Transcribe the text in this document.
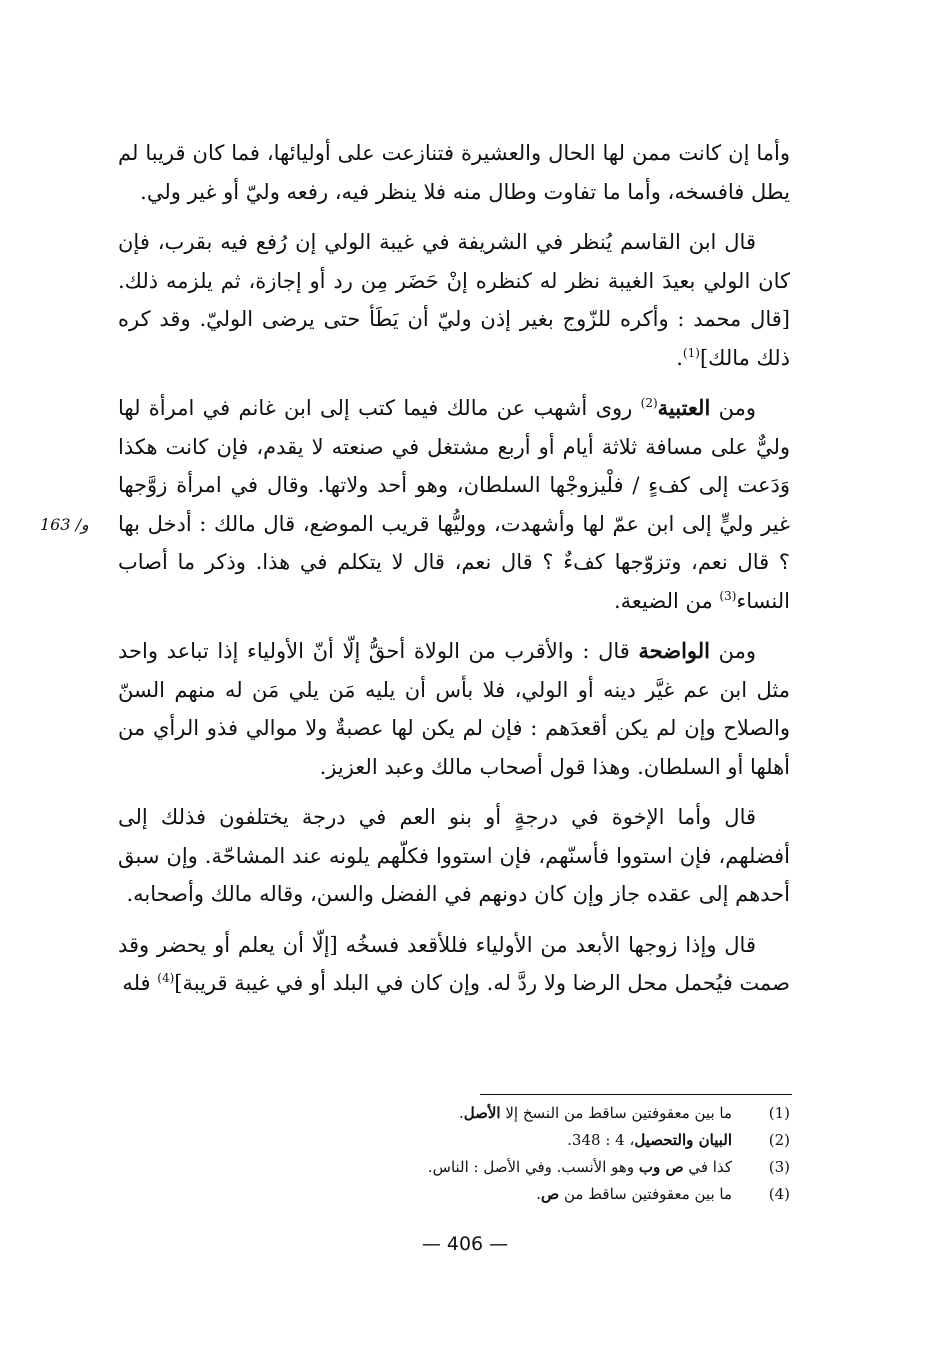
163 /و

وأما إن كانت ممن لها الحال والعشيرة فتنازعت على أوليائها، فما كان قريبا لم يطل فافسخه، وأما ما تفاوت وطال منه فلا ينظر فيه، رفعه وليّ أو غير ولي.

قال ابن القاسم يُنظر في الشريفة في غيبة الولي إن رُفع فيه بقرب، فإن كان الولي بعيدَ الغيبة نظر له كنظره إنْ حَضَر مِن رد أو إجازة، ثم يلزمه ذلك. [قال محمد : وأكره للزّوج بغير إذن وليّ أن يَطَأ حتى يرضى الوليّ. وقد كره ذلك مالك]$^{(1)}$.

ومن العتبية$^{(2)}$ روى أشهب عن مالك فيما كتب إلى ابن غانم في امرأة لها وليٌّ على مسافة ثلاثة أيام أو أربع مشتغل في صنعته لا يقدم، فإن كانت هكذا وَدَعت إلى كفءٍ / فلْيزوجْها السلطان، وهو أحد ولاتها. وقال في امرأة زوَّجها غير وليٍّ إلى ابن عمّ لها وأشهدت، ووليُّها قريب الموضع، قال مالك : أدخل بها ؟ قال نعم، وتزوّجها كفءٌ ؟ قال نعم، قال لا يتكلم في هذا. وذكر ما أصاب النساء$^{(3)}$ من الضيعة.

ومن الواضحة قال : والأقرب من الولاة أحقُّ إلّا أنّ الأولياء إذا تباعد واحد مثل ابن عم غيَّر دينه أو الولي، فلا بأس أن يليه مَن يلي مَن له منهم السنّ والصلاح وإن لم يكن أقعدَهم : فإن لم يكن لها عصبةٌ ولا موالي فذو الرأي من أهلها أو السلطان. وهذا قول أصحاب مالك وعبد العزيز.

قال وأما الإخوة في درجةٍ أو بنو العم في درجة يختلفون فذلك إلى أفضلهم، فإن استووا فأسنّهم، فإن استووا فكلّهم يلونه عند المشاحّة. وإن سبق أحدهم إلى عقده جاز وإن كان دونهم في الفضل والسن، وقاله مالك وأصحابه.

قال وإذا زوجها الأبعد من الأولياء فللأقعد فسخُه [إلّا أن يعلم أو يحضر وقد صمت فيُحمل محل الرضا ولا ردَّ له. وإن كان في البلد أو في غيبة قريبة]$^{(4)}$ فله

(1)
ما بين معقوفتين ساقط من النسخ إلا الأصل.
(2)
البيان والتحصيل، 4 : 348.
(3)
كذا في ص وب وهو الأنسب. وفي الأصل : الناس.
(4)
ما بين معقوفتين ساقط من ص.
— 406 —
